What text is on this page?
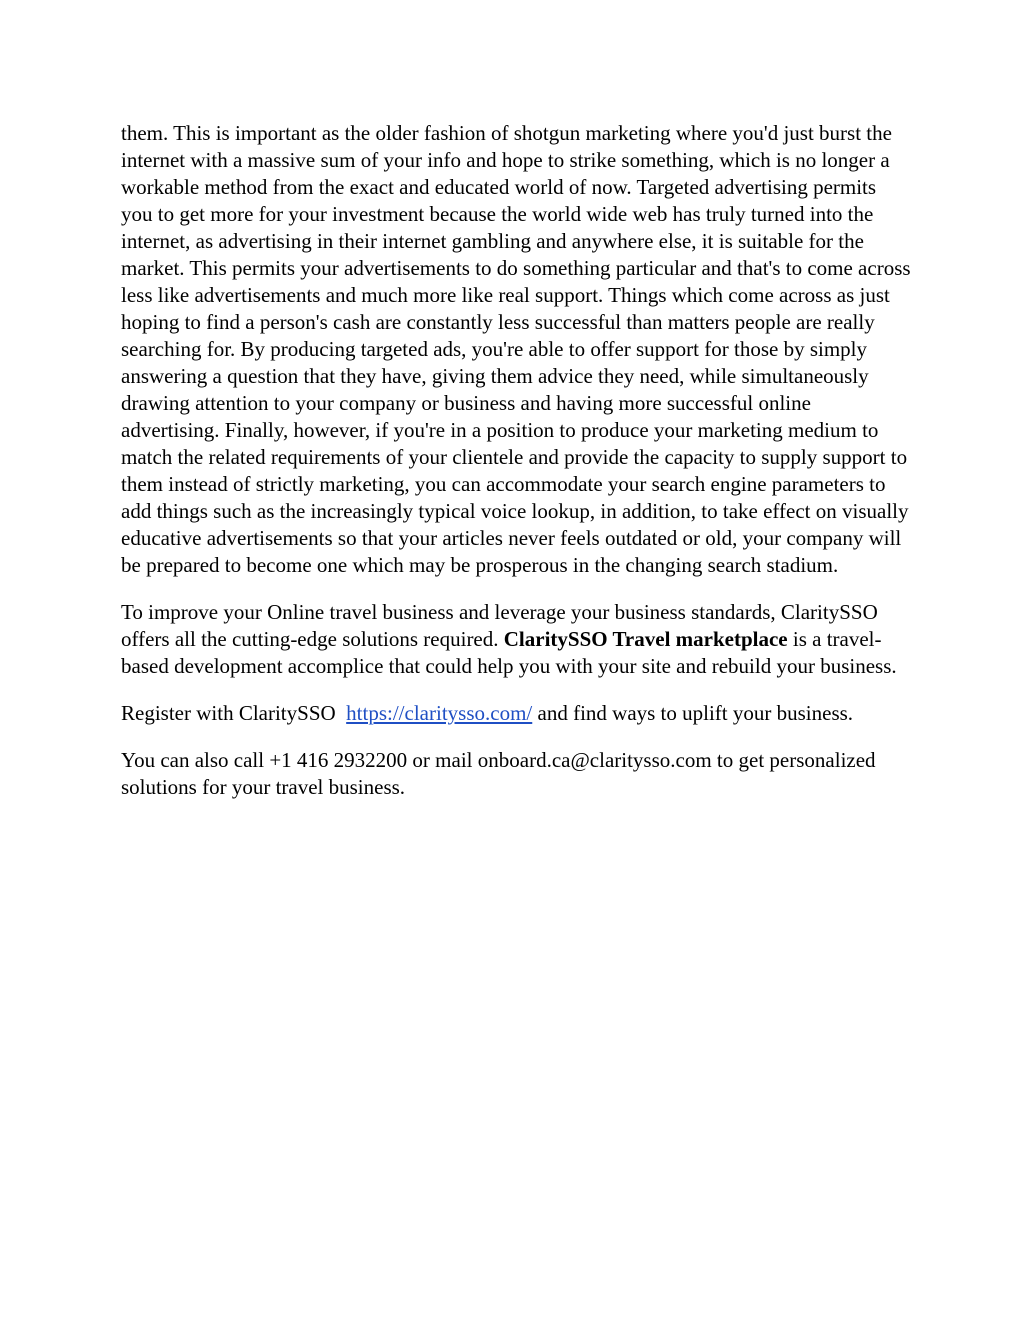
them. This is important as the older fashion of shotgun marketing where you'd just burst the internet with a massive sum of your info and hope to strike something, which is no longer a workable method from the exact and educated world of now. Targeted advertising permits you to get more for your investment because the world wide web has truly turned into the internet, as advertising in their internet gambling and anywhere else, it is suitable for the market. This permits your advertisements to do something particular and that's to come across less like advertisements and much more like real support. Things which come across as just hoping to find a person's cash are constantly less successful than matters people are really searching for. By producing targeted ads, you're able to offer support for those by simply answering a question that they have, giving them advice they need, while simultaneously drawing attention to your company or business and having more successful online advertising. Finally, however, if you're in a position to produce your marketing medium to match the related requirements of your clientele and provide the capacity to supply support to them instead of strictly marketing, you can accommodate your search engine parameters to add things such as the increasingly typical voice lookup, in addition, to take effect on visually educative advertisements so that your articles never feels outdated or old, your company will be prepared to become one which may be prosperous in the changing search stadium.

To improve your Online travel business and leverage your business standards, ClaritySSO offers all the cutting-edge solutions required. ClaritySSO Travel marketplace is a travel-based development accomplice that could help you with your site and rebuild your business.

Register with ClaritySSO  https://claritysso.com/ and find ways to uplift your business.

You can also call +1 416 2932200 or mail onboard.ca@claritysso.com to get personalized solutions for your travel business.
